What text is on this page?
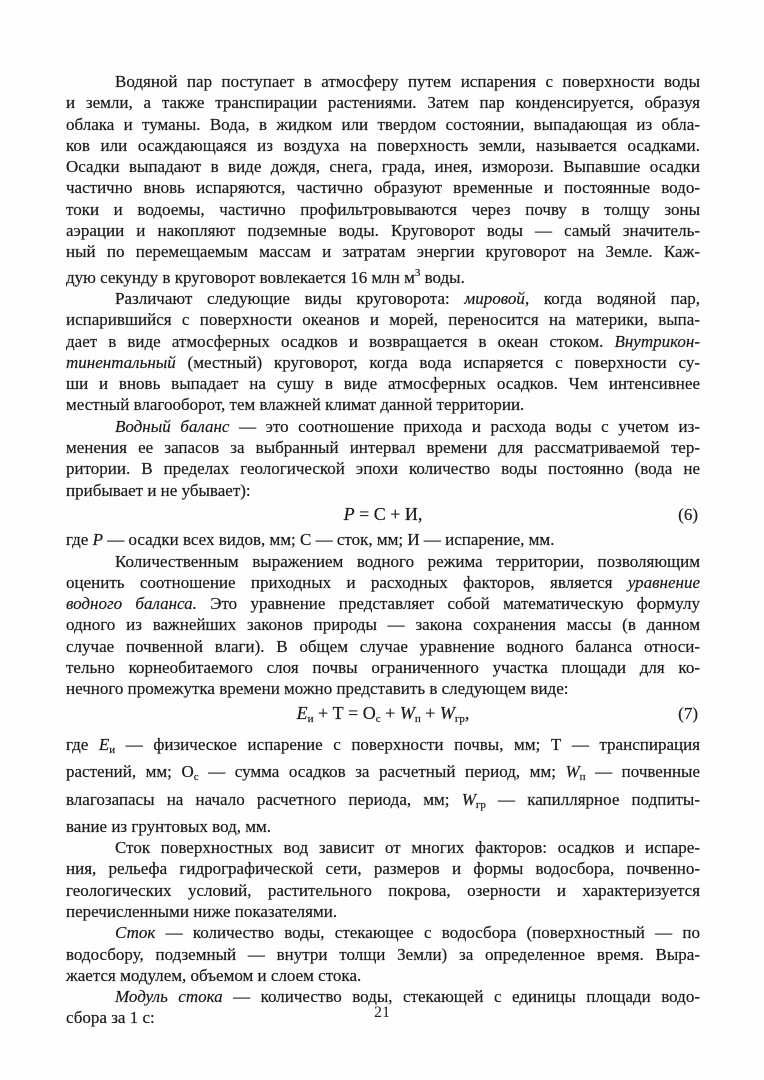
Водяной пар поступает в атмосферу путем испарения с поверхности воды
и земли, а также транспирации растениями. Затем пар конденсируется, образуя
облака и туманы. Вода, в жидком или твердом состоянии, выпадающая из обла-
ков или осаждающаяся из воздуха на поверхность земли, называется осадками.
Осадки выпадают в виде дождя, снега, града, инея, изморози. Выпавшие осадки
частично вновь испаряются, частично образуют временные и постоянные водо-
токи и водоемы, частично профильтровываются через почву в толщу зоны
аэрации и накопляют подземные воды. Круговорот воды — самый значитель-
ный по перемещаемым массам и затратам энергии круговорот на Земле. Каж-
дую секунду в круговорот вовлекается 16 млн $м^3$ воды.
Различают следующие виды круговорота: мировой, когда водяной пар,
испарившийся с поверхности океанов и морей, переносится на материки, выпа-
дает в виде атмосферных осадков и возвращается в океан стоком. Внутрикон-
тинентальный (местный) круговорот, когда вода испаряется с поверхности су-
ши и вновь выпадает на сушу в виде атмосферных осадков. Чем интенсивнее
местный влагооборот, тем влажней климат данной территории.
Водный баланс — это соотношение прихода и расхода воды с учетом из-
менения ее запасов за выбранный интервал времени для рассматриваемой тер-
ритории. В пределах геологической эпохи количество воды постоянно (вода не
прибывает и не убывает):
Р = С + И,	(6)
где Р — осадки всех видов, мм; С — сток, мм; И — испарение, мм.
Количественным выражением водного режима территории, позволяющим
оценить соотношение приходных и расходных факторов, является уравнение
водного баланса. Это уравнение представляет собой математическую формулу
одного из важнейших законов природы — закона сохранения массы (в данном
случае почвенной влаги). В общем случае уравнение водного баланса относи-
тельно корнеобитаемого слоя почвы ограниченного участка площади для ко-
нечного промежутка времени можно представить в следующем виде:
$Е_и + Т = О_с + W_п + W_{гр}$,	(7)
где $Е_и$ — физическое испарение с поверхности почвы, мм; Т — транспирация
растений, мм; $О_с$ — сумма осадков за расчетный период, мм; $W_п$ — почвенные
влагозапасы на начало расчетного периода, мм; $W_{гр}$ — капиллярное подпиты-
вание из грунтовых вод, мм.
Сток поверхностных вод зависит от многих факторов: осадков и испаре-
ния, рельефа гидрографической сети, размеров и формы водосбора, почвенно-
геологических условий, растительного покрова, озерности и характеризуется
перечисленными ниже показателями.
Сток — количество воды, стекающее с водосбора (поверхностный — по
водосбору, подземный — внутри толщи Земли) за определенное время. Выра-
жается модулем, объемом и слоем стока.
Модуль стока — количество воды, стекающей с единицы площади водо-
сбора за 1 с:	21
